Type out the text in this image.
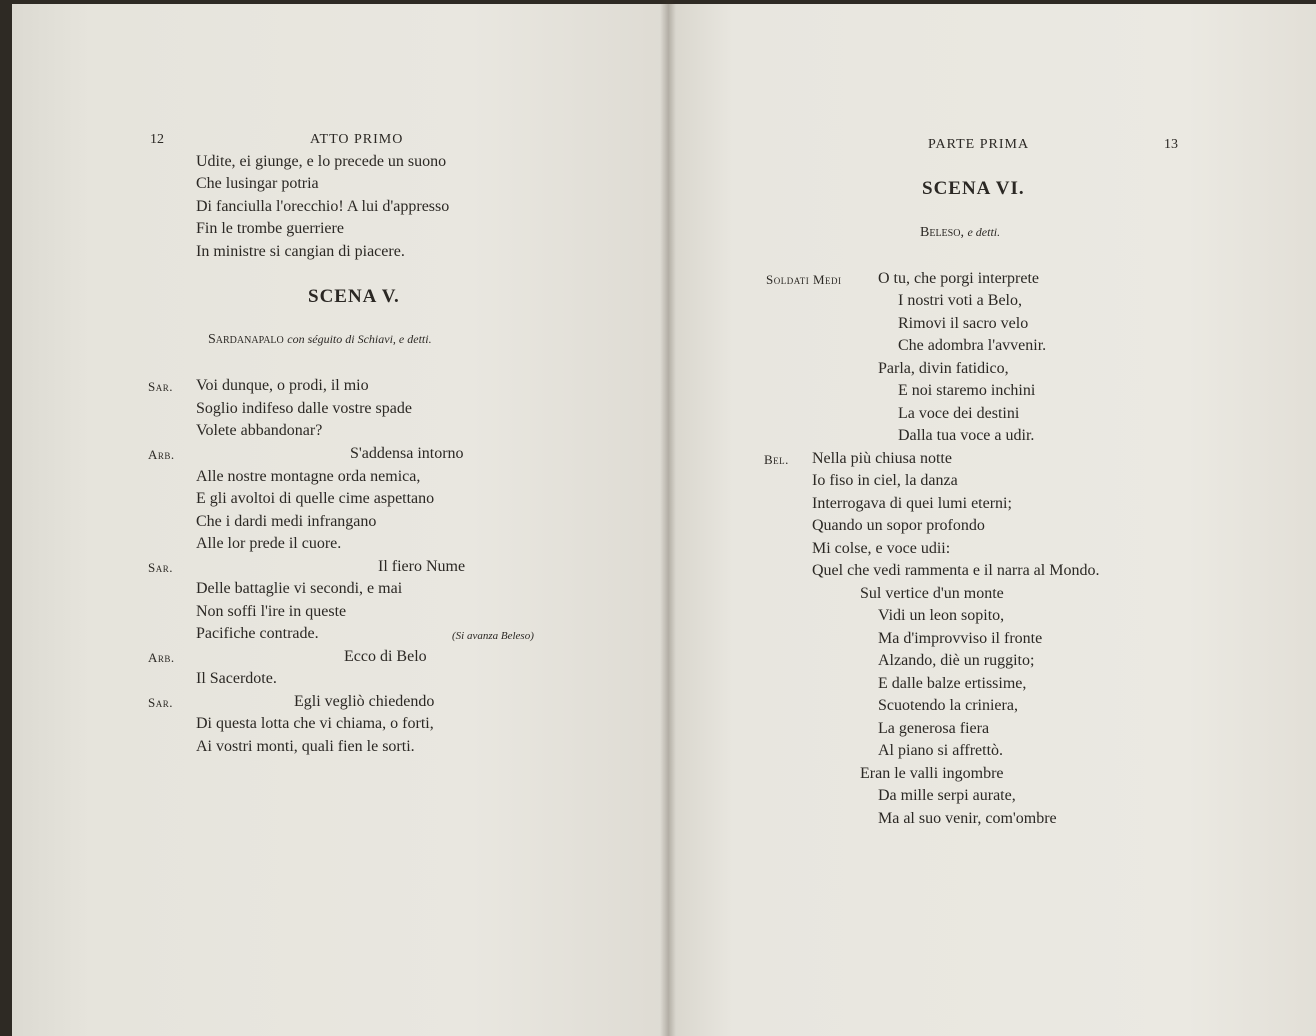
12	ATTO PRIMO
Udite, ei giunge, e lo precede un suono
Che lusingar potria
Di fanciulla l'orecchio! A lui d'appresso
Fin le trombe guerriere
In ministre si cangian di piacere.
SCENA V.
Sardanapalo con séguito di Schiavi, e detti.
Sar. Voi dunque, o prodi, il mio
Soglio indifeso dalle vostre spade
Volete abbandonar?
Arb.	S'addensa intorno
Alle nostre montagne orda nemica,
E gli avoltoi di quelle cime aspettano
Che i dardi medi infrangano
Alle lor prede il cuore.
Sar.	Il fiero Nume
Delle battaglie vi secondi, e mai
Non soffi l'ire in queste
Pacifiche contrade.	(Si avanza Beleso)
Arb.	Ecco di Belo
Il Sacerdote.
Sar.	Egli vegliò chiedendo
Di questa lotta che vi chiama, o forti,
Ai vostri monti, quali fien le sorti.
PARTE PRIMA	13
SCENA VI.
Beleso, e detti.
Soldati Medi O tu, che porgi interprete
I nostri voti a Belo,
Rimovi il sacro velo
Che adombra l'avvenir.
Parla, divin fatidico,
E noi staremo inchini
La voce dei destini
Dalla tua voce a udir.
Bel. Nella più chiusa notte
Io fiso in ciel, la danza
Interrogava di quei lumi eterni;
Quando un sopor profondo
Mi colse, e voce udii:
Quel che vedi rammenta e il narra al Mondo.
Sul vertice d'un monte
Vidi un leon sopito,
Ma d'improvviso il fronte
Alzando, diè un ruggito;
E dalle balze ertissime,
Scuotendo la criniera,
La generosa fiera
Al piano si affrettò.
Eran le valli ingombre
Da mille serpi aurate,
Ma al suo venir, com'ombre
